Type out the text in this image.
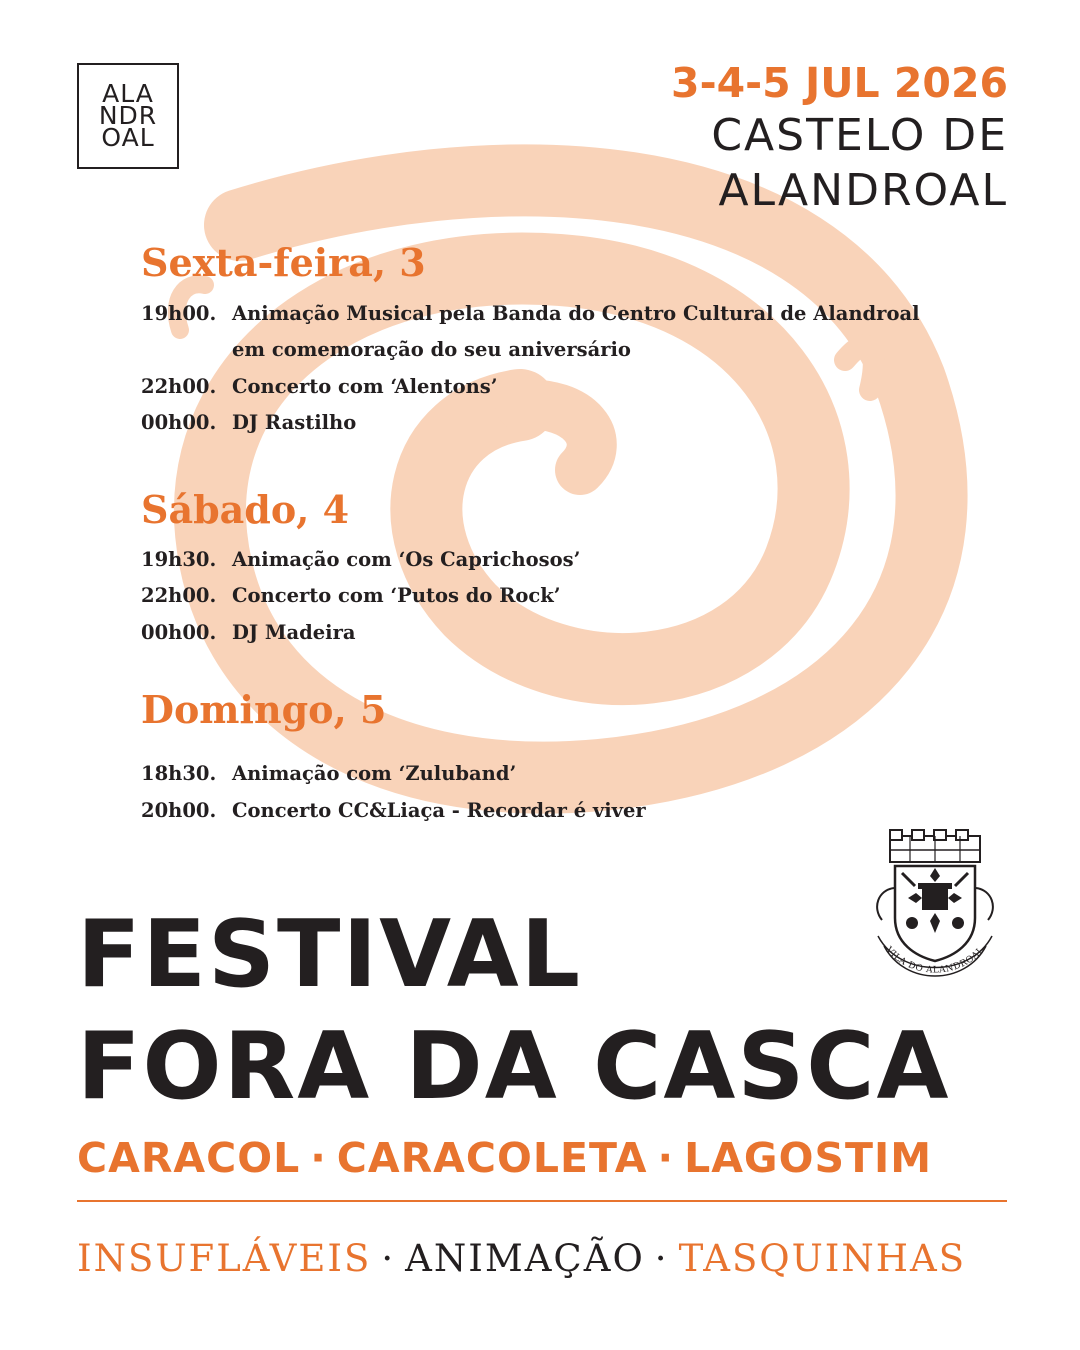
ALA
NDR
OAL
3-4-5 JUL 2026
CASTELO DE
ALANDROAL
Sexta-feira, 3
19h00. Animação Musical pela Banda do Centro Cultural de Alandroal
em comemoração do seu aniversário
22h00. Concerto com ‘Alentons’
00h00. DJ Rastilho
Sábado, 4
19h30. Animação com ‘Os Caprichosos’
22h00. Concerto com ‘Putos do Rock’
00h00. DJ Madeira
Domingo, 5
18h30. Animação com ‘Zuluband’
20h00. Concerto CC&Liaça - Recordar é viver
VILA DO ALANDROAL
FESTIVAL
FORA DA CASCA
CARACOL · CARACOLETA · LAGOSTIM
INSUFLÁVEIS · ANIMAÇÃO · TASQUINHAS
